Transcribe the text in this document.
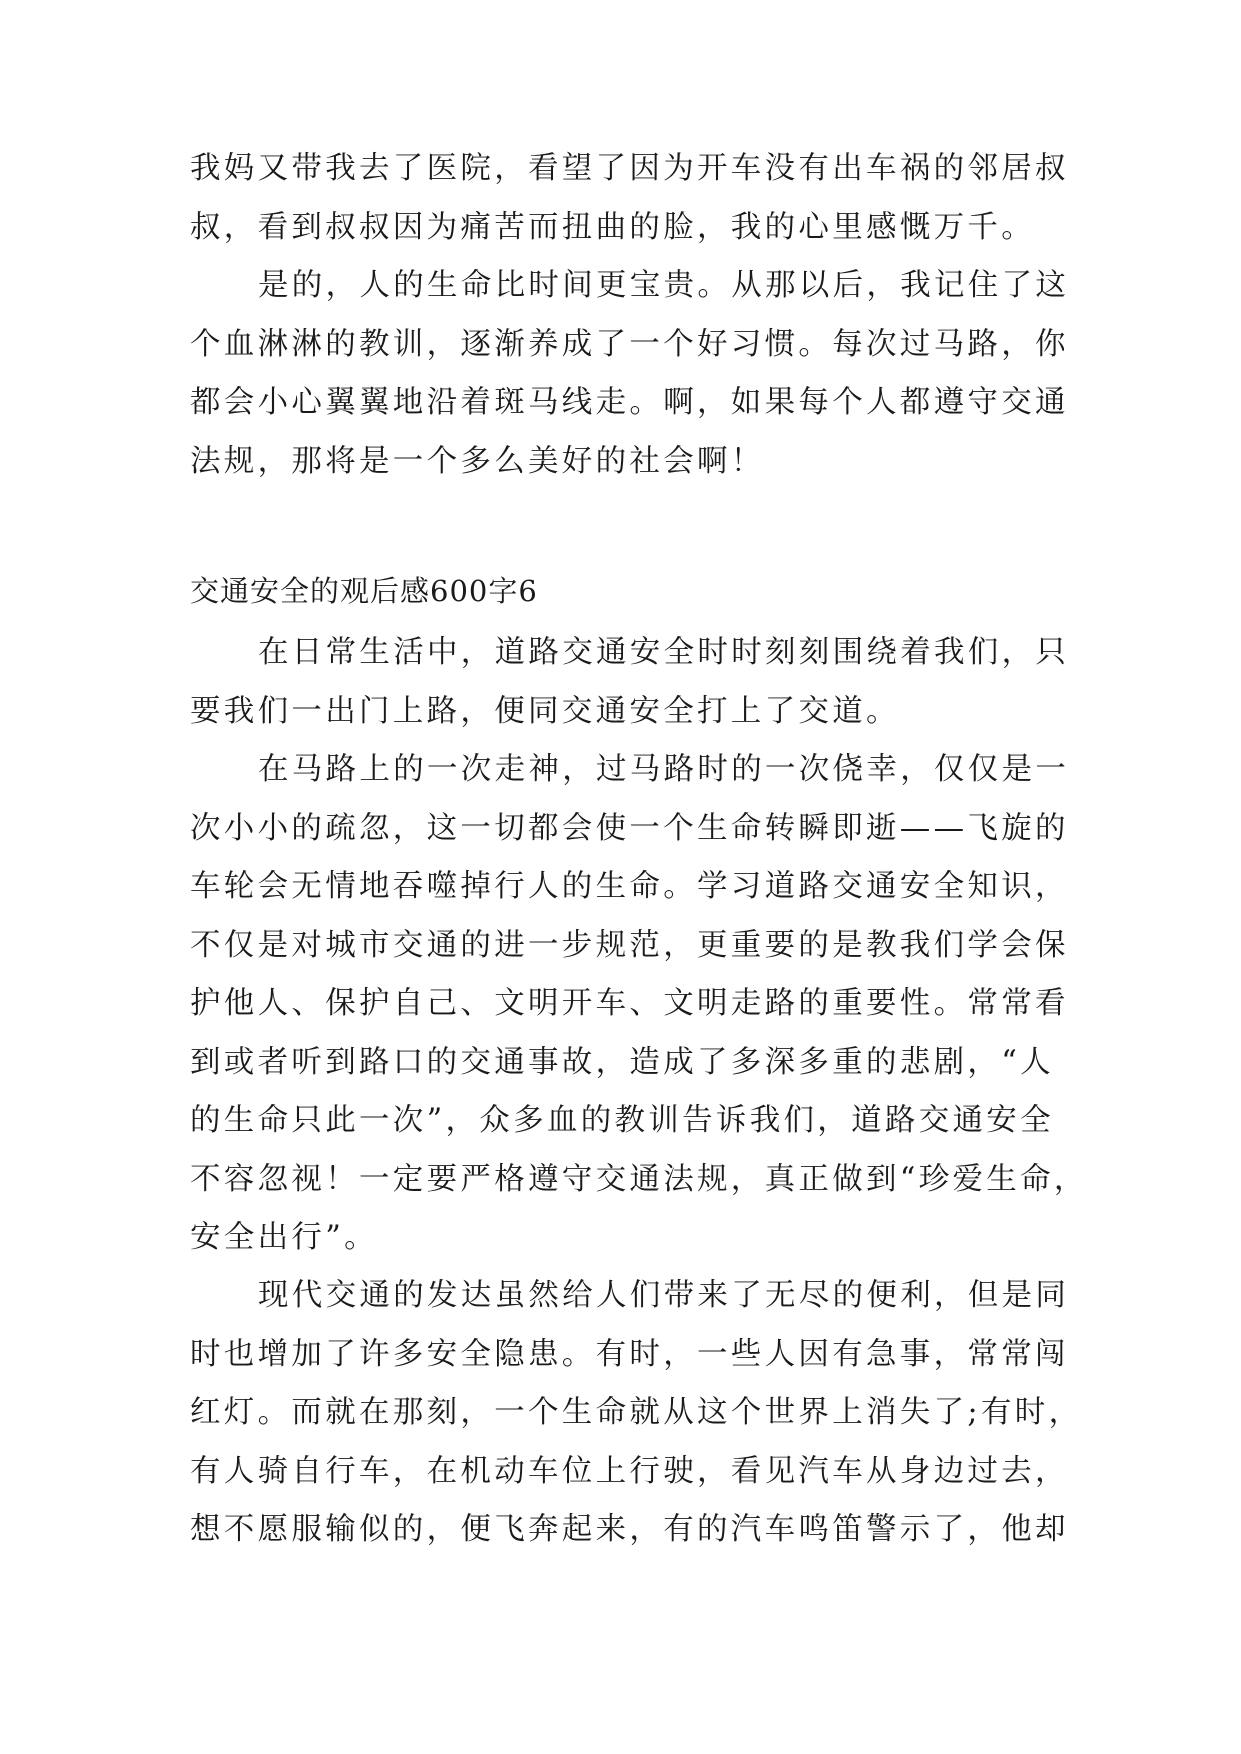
我妈又带我去了医院，看望了因为开车没有出车祸的邻居叔
叔，看到叔叔因为痛苦而扭曲的脸，我的心里感慨万千。
是的，人的生命比时间更宝贵。从那以后，我记住了这
个血淋淋的教训，逐渐养成了一个好习惯。每次过马路，你
都会小心翼翼地沿着斑马线走。啊，如果每个人都遵守交通
法规，那将是一个多么美好的社会啊！
交通安全的观后感600字6
在日常生活中，道路交通安全时时刻刻围绕着我们，只
要我们一出门上路，便同交通安全打上了交道。
在马路上的一次走神，过马路时的一次侥幸，仅仅是一
次小小的疏忽，这一切都会使一个生命转瞬即逝——飞旋的
车轮会无情地吞噬掉行人的生命。学习道路交通安全知识，
不仅是对城市交通的进一步规范，更重要的是教我们学会保
护他人、保护自己、文明开车、文明走路的重要性。常常看
到或者听到路口的交通事故，造成了多深多重的悲剧，“人
的生命只此一次”，众多血的教训告诉我们，道路交通安全
不容忽视！一定要严格遵守交通法规，真正做到“珍爱生命，
安全出行”。
现代交通的发达虽然给人们带来了无尽的便利，但是同
时也增加了许多安全隐患。有时，一些人因有急事，常常闯
红灯。而就在那刻，一个生命就从这个世界上消失了;有时，
有人骑自行车，在机动车位上行驶，看见汽车从身边过去，
想不愿服输似的，便飞奔起来，有的汽车鸣笛警示了，他却
